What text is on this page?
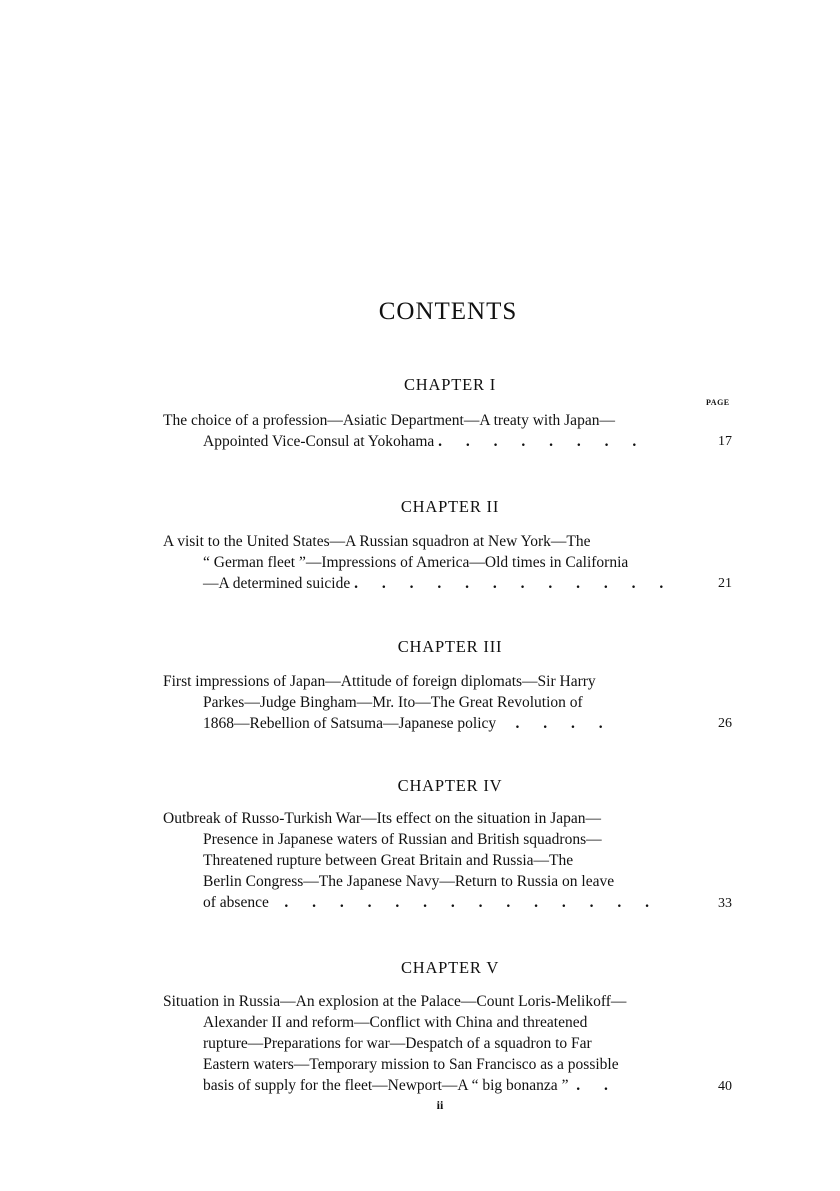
CONTENTS
PAGE
CHAPTER I
The choice of a profession—Asiatic Department—A treaty with Japan—
Appointed Vice-Consul at Yokohama . . . . . . . .	17
CHAPTER II
A visit to the United States—A Russian squadron at New York—The
“ German fleet ”—Impressions of America—Old times in California
—A determined suicide . . . . . . . . . . . .	21
CHAPTER III
First impressions of Japan—Attitude of foreign diplomats—Sir Harry
Parkes—Judge Bingham—Mr. Ito—The Great Revolution of
1868—Rebellion of Satsuma—Japanese policy . . . .	26
CHAPTER IV
Outbreak of Russo-Turkish War—Its effect on the situation in Japan—
Presence in Japanese waters of Russian and British squadrons—
Threatened rupture between Great Britain and Russia—The
Berlin Congress—The Japanese Navy—Return to Russia on leave
of absence . . . . . . . . . . . . . .	33
CHAPTER V
Situation in Russia—An explosion at the Palace—Count Loris-Melikoff—
Alexander II and reform—Conflict with China and threatened
rupture—Preparations for war—Despatch of a squadron to Far
Eastern waters—Temporary mission to San Francisco as a possible
basis of supply for the fleet—Newport—A “ big bonanza ” . .	40
ii
